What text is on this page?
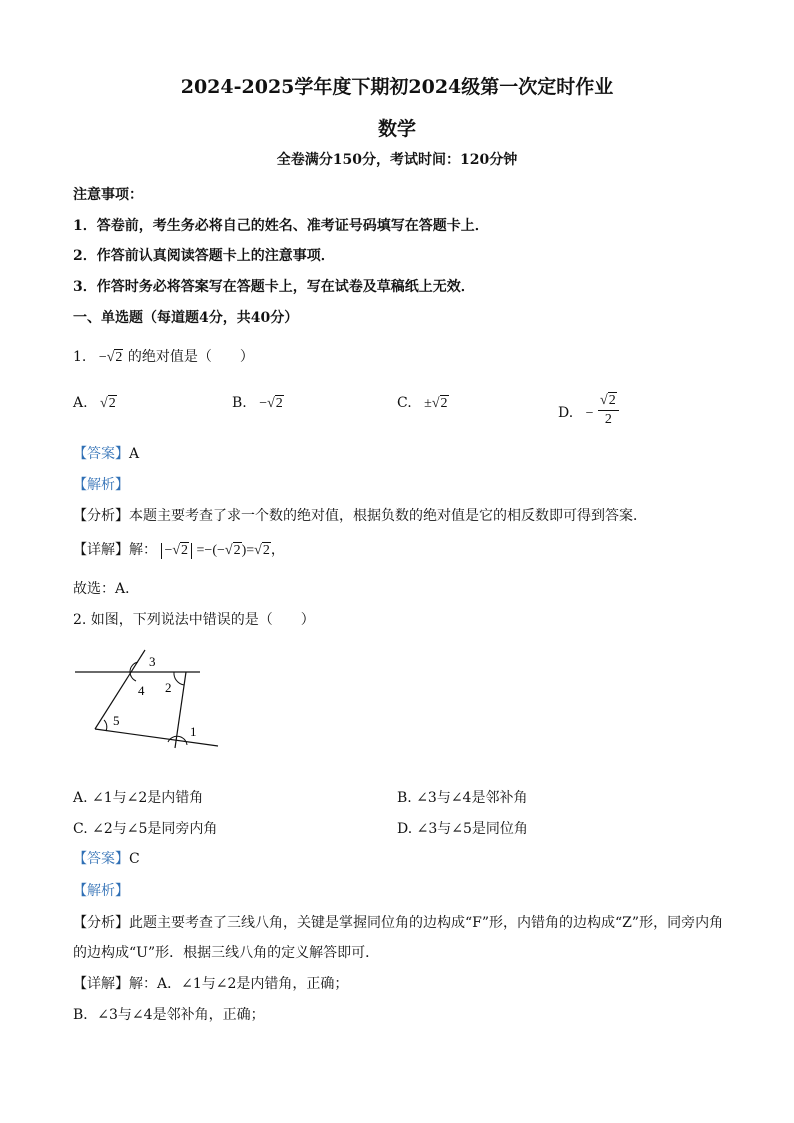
2024-2025学年度下期初2024级第一次定时作业
数学
全卷满分150分，考试时间：120分钟
注意事项：
1．答卷前，考生务必将自己的姓名、准考证号码填写在答题卡上．
2．作答前认真阅读答题卡上的注意事项．
3．作答时务必将答案写在答题卡上，写在试卷及草稿纸上无效．
一、单选题（每道题4分，共40分）
1. −√2 的绝对值是（　　）
A. √2	B. −√2	C. ±√2
D. − $\frac{√2}{2}$
【答案】A
【解析】
【分析】本题主要考查了求一个数的绝对值，根据负数的绝对值是它的相反数即可得到答案．
【详解】解： −√2 =−(−√2)=√2，
故选：A．
2. 如图，下列说法中错误的是（　　）
3
4 2
5
1
A. ∠1与∠2是内错角	B. ∠3与∠4是邻补角
C. ∠2与∠5是同旁内角	D. ∠3与∠5是同位角
【答案】C
【解析】
【分析】此题主要考查了三线八角，关键是掌握同位角的边构成“F”形，内错角的边构成“Z”形，同旁内角
的边构成“U”形．根据三线八角的定义解答即可．
【详解】解：A．∠1与∠2是内错角，正确；
B．∠3与∠4是邻补角，正确；
